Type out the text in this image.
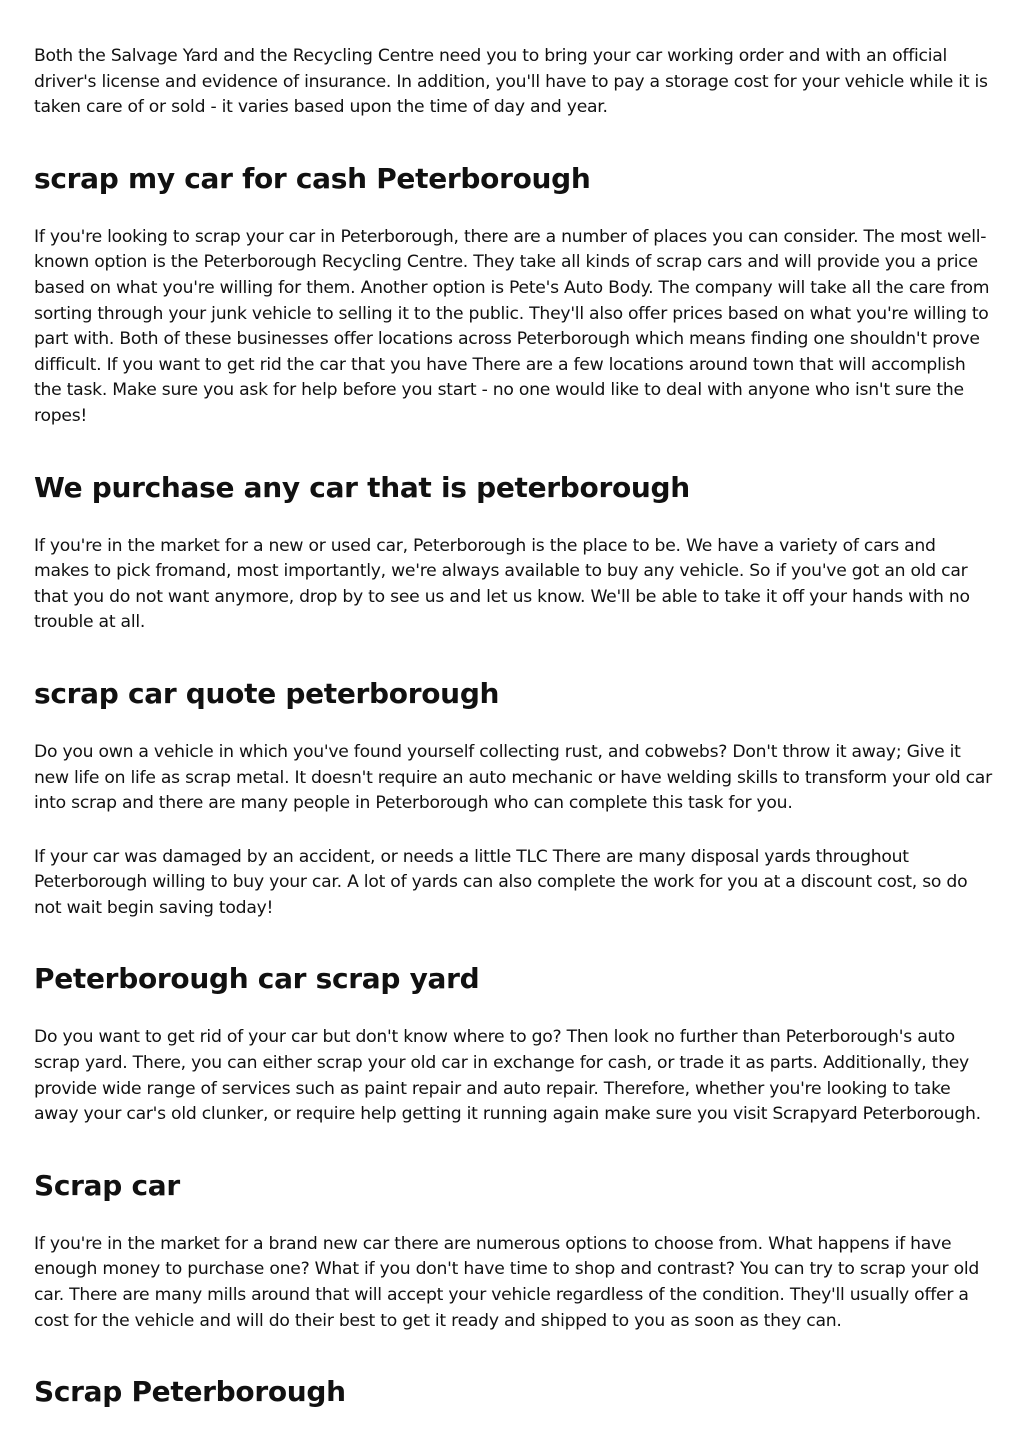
Both the Salvage Yard and the Recycling Centre need you to bring your car working order and with an official driver's license and evidence of insurance. In addition, you'll have to pay a storage cost for your vehicle while it is taken care of or sold - it varies based upon the time of day and year.

scrap my car for cash Peterborough

If you're looking to scrap your car in Peterborough, there are a number of places you can consider. The most well-known option is the Peterborough Recycling Centre. They take all kinds of scrap cars and will provide you a price based on what you're willing for them. Another option is Pete's Auto Body. The company will take all the care from sorting through your junk vehicle to selling it to the public. They'll also offer prices based on what you're willing to part with. Both of these businesses offer locations across Peterborough which means finding one shouldn't prove difficult. If you want to get rid the car that you have There are a few locations around town that will accomplish the task. Make sure you ask for help before you start - no one would like to deal with anyone who isn't sure the ropes!

We purchase any car that is peterborough

If you're in the market for a new or used car, Peterborough is the place to be. We have a variety of cars and makes to pick fromand, most importantly, we're always available to buy any vehicle. So if you've got an old car that you do not want anymore, drop by to see us and let us know. We'll be able to take it off your hands with no trouble at all.

scrap car quote peterborough

Do you own a vehicle in which you've found yourself collecting rust, and cobwebs? Don't throw it away; Give it new life on life as scrap metal. It doesn't require an auto mechanic or have welding skills to transform your old car into scrap and there are many people in Peterborough who can complete this task for you.

If your car was damaged by an accident, or needs a little TLC There are many disposal yards throughout Peterborough willing to buy your car. A lot of yards can also complete the work for you at a discount cost, so do not wait begin saving today!

Peterborough car scrap yard

Do you want to get rid of your car but don't know where to go? Then look no further than Peterborough's auto scrap yard. There, you can either scrap your old car in exchange for cash, or trade it as parts. Additionally, they provide wide range of services such as paint repair and auto repair. Therefore, whether you're looking to take away your car's old clunker, or require help getting it running again make sure you visit Scrapyard Peterborough.

Scrap car

If you're in the market for a brand new car there are numerous options to choose from. What happens if have enough money to purchase one? What if you don't have time to shop and contrast? You can try to scrap your old car. There are many mills around that will accept your vehicle regardless of the condition. They'll usually offer a cost for the vehicle and will do their best to get it ready and shipped to you as soon as they can.

Scrap Peterborough
